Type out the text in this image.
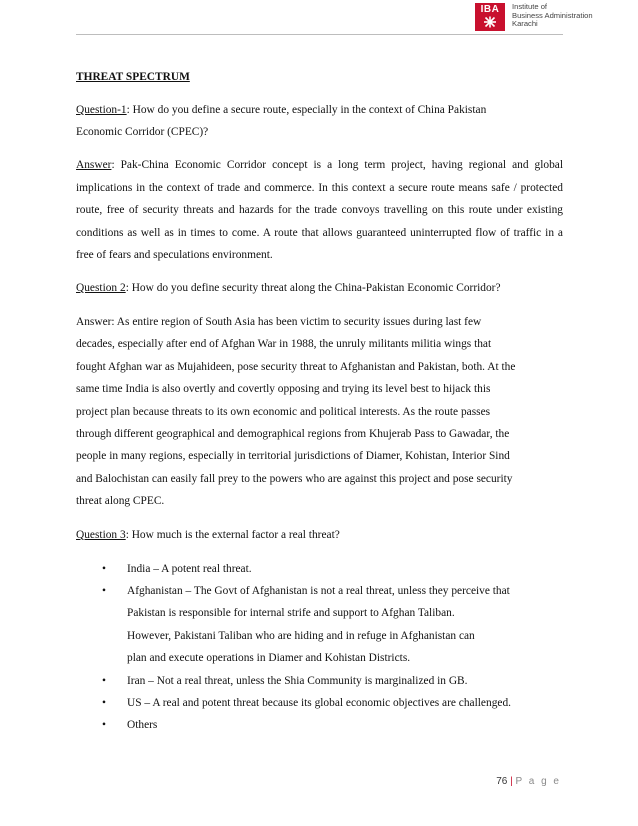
IBA Institute of
Business Administration
Karachi

THREAT SPECTRUM

Question-1: How do you define a secure route, especially in the context of China Pakistan
Economic Corridor (CPEC)?

Answer: Pak-China Economic Corridor concept is a long term project, having regional and global implications in the context of trade and commerce. In this context a secure route means safe / protected route, free of security threats and hazards for the trade convoys travelling on this route under existing conditions as well as in times to come. A route that allows guaranteed uninterrupted flow of traffic in a free of fears and speculations environment.

Question 2: How do you define security threat along the China-Pakistan Economic Corridor?

Answer: As entire region of South Asia has been victim to security issues during last few
decades, especially after end of Afghan War in 1988, the unruly militants militia wings that
fought Afghan war as Mujahideen, pose security threat to Afghanistan and Pakistan, both. At the
same time India is also overtly and covertly opposing and trying its level best to hijack this
project plan because threats to its own economic and political interests. As the route passes
through different geographical and demographical regions from Khujerab Pass to Gawadar, the
people in many regions, especially in territorial jurisdictions of Diamer, Kohistan, Interior Sind
and Balochistan can easily fall prey to the powers who are against this project and pose security
threat along CPEC.

Question 3: How much is the external factor a real threat?

• India – A potent real threat.
• Afghanistan – The Govt of Afghanistan is not a real threat, unless they perceive that
Pakistan is responsible for internal strife and support to Afghan Taliban.
However, Pakistani Taliban who are hiding and in refuge in Afghanistan can
plan and execute operations in Diamer and Kohistan Districts.
• Iran – Not a real threat, unless the Shia Community is marginalized in GB.
• US – A real and potent threat because its global economic objectives are challenged.
• Others
76 | P a g e
